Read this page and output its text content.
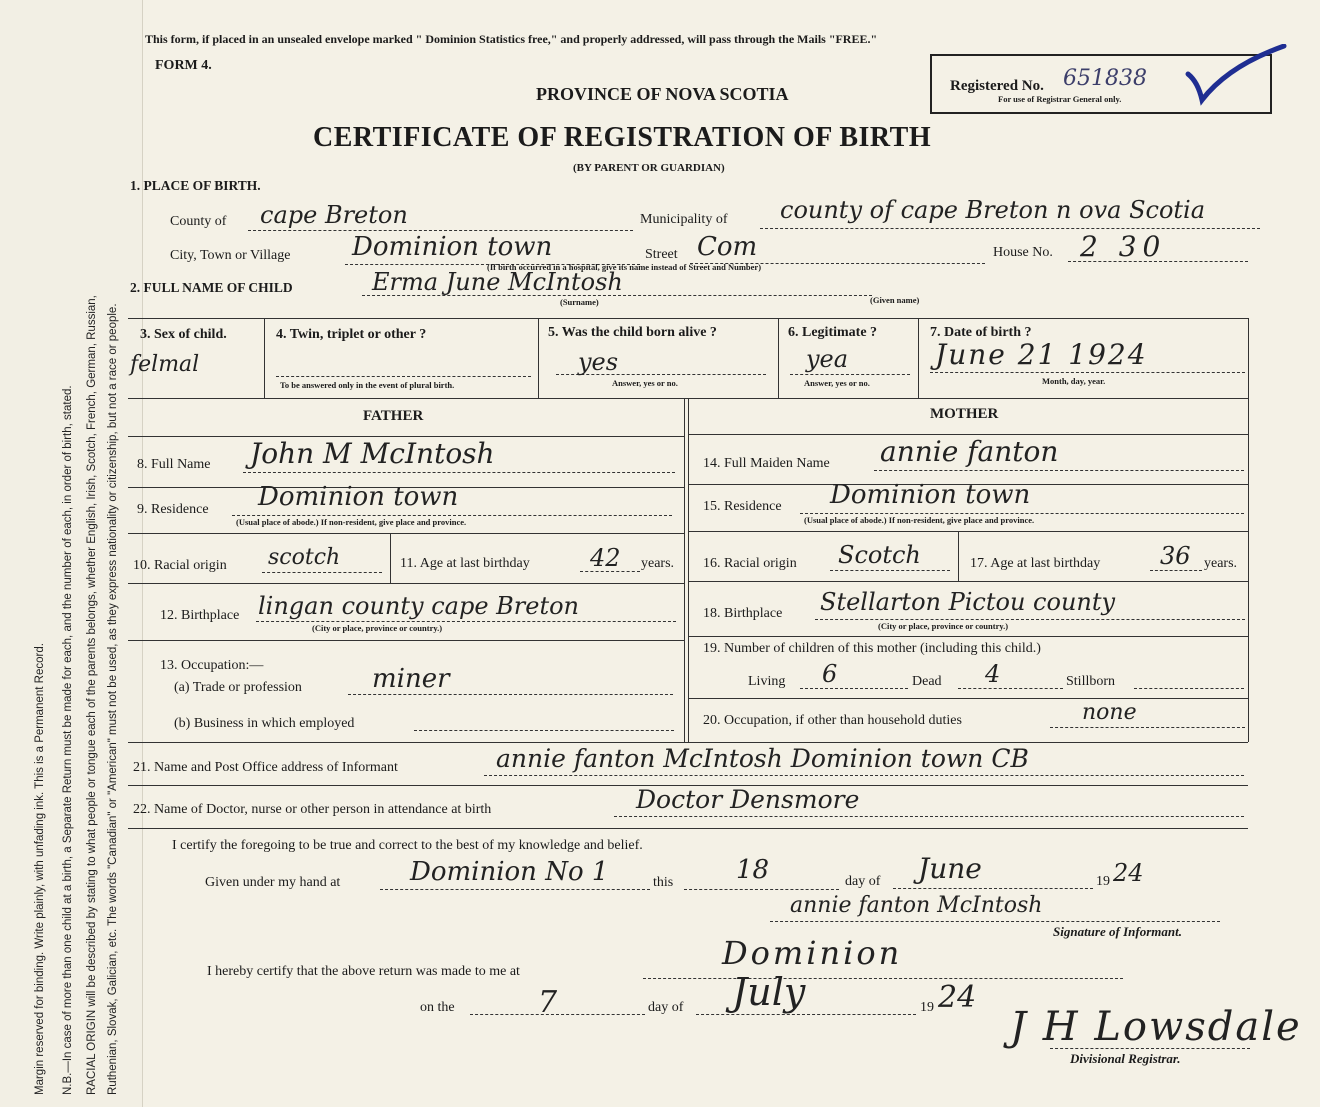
Margin reserved for binding. Write plainly, with unfading ink. This is a Permanent Record. N.B.—In case of more than one child at a birth, a Separate Return must be made for each, and the number of each, in order of birth, stated. RACIAL ORIGIN will be described by stating to what people or tongue each of the parents belongs, whether English, Irish, Scotch, French, German, Russian, Ruthenian, Slovak, Galician, etc. The words "Canadian" or "American" must not be used, as they express nationality or citizenship, but not a race or people.
This form, if placed in an unsealed envelope marked " Dominion Statistics free," and properly addressed, will pass through the Mails "FREE."
FORM 4.
PROVINCE OF NOVA SCOTIA
CERTIFICATE OF REGISTRATION OF BIRTH
(BY PARENT OR GUARDIAN)
Registered No. 651838
For use of Registrar General only.
1. PLACE OF BIRTH.
County of cape Breton	Municipality of county of cape Breton n ova Scotia
City, Town or Village Dominion town	Street Com	House No. 2 30
(If birth occurred in a hospital, give its name instead of Street and Number)
2. FULL NAME OF CHILD	Erma June McIntosh
(Surname)	(Given name)
3. Sex of child.
felmal
4. Twin, triplet or other ?
To be answered only in the event of plural birth.
5. Was the child born alive ?
yes
Answer, yes or no.
6. Legitimate ?
yea
Answer, yes or no.
7. Date of birth ?
June 21 1924
Month, day, year.
FATHER	MOTHER
8. Full Name John M McIntosh
9. Residence Dominion town
(Usual place of abode.) If non-resident, give place and province.
10. Racial origin scotch	11. Age at last birthday	42 years.
12. Birthplace lingan county cape Breton
(City or place, province or country.)
13. Occupation:—
(a) Trade or profession	miner
(b) Business in which employed
14. Full Maiden Name annie fanton
15. Residence Dominion town
(Usual place of abode.) If non-resident, give place and province.
16. Racial origin Scotch	17. Age at last birthday 36 years.
18. Birthplace Stellarton Pictou county
(City or place, province or country.)
19. Number of children of this mother (including this child.)
Living 6	Dead 4	Stillborn
20. Occupation, if other than household duties	none
21. Name and Post Office address of Informant	annie fanton McIntosh Dominion town CB
22. Name of Doctor, nurse or other person in attendance at birth	Doctor Densmore
I certify the foregoing to be true and correct to the best of my knowledge and belief.
Given under my hand at	Dominion No 1	this 18	day of June	19 24
annie fanton McIntosh
Signature of Informant.
I hereby certify that the above return was made to me at	Dominion
on the	7	day of July	19 24
J H Lowsdale
Divisional Registrar.
